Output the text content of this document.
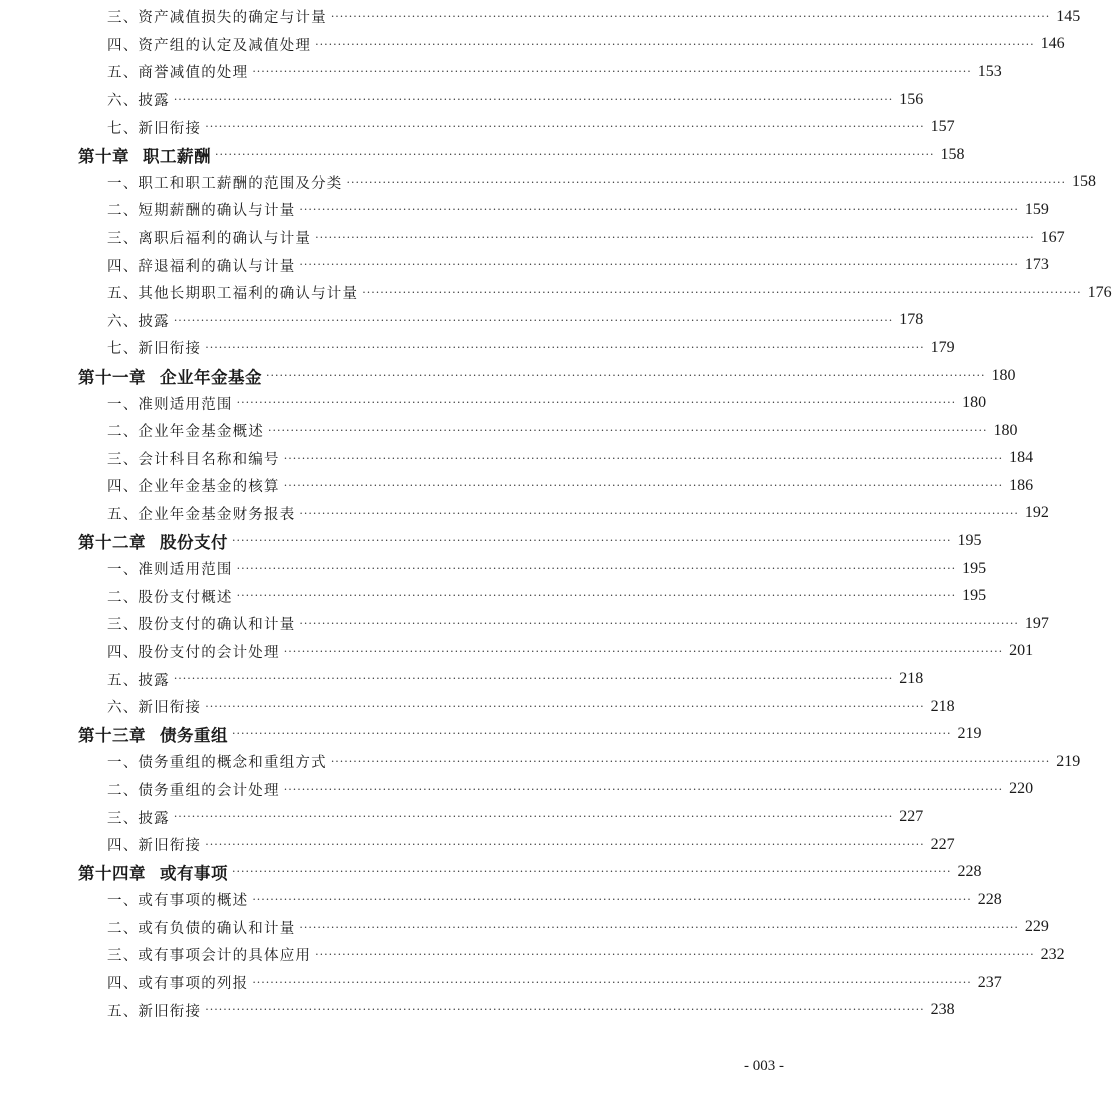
三、资产减值损失的确定与计量 ································································································································································ 145
四、资产组的认定及减值处理 ································································································································································ 146
五、商誉减值的处理 ································································································································································ 153
六、披露 ································································································································································ 156
七、新旧衔接 ································································································································································ 157
第十章 职工薪酬 ································································································································································ 158
一、职工和职工薪酬的范围及分类 ································································································································································ 158
二、短期薪酬的确认与计量 ································································································································································ 159
三、离职后福利的确认与计量 ································································································································································ 167
四、辞退福利的确认与计量 ································································································································································ 173
五、其他长期职工福利的确认与计量 ································································································································································ 176
六、披露 ································································································································································ 178
七、新旧衔接 ································································································································································ 179
第十一章 企业年金基金 ································································································································································ 180
一、准则适用范围 ································································································································································ 180
二、企业年金基金概述 ································································································································································ 180
三、会计科目名称和编号 ································································································································································ 184
四、企业年金基金的核算 ································································································································································ 186
五、企业年金基金财务报表 ································································································································································ 192
第十二章 股份支付 ································································································································································ 195
一、准则适用范围 ································································································································································ 195
二、股份支付概述 ································································································································································ 195
三、股份支付的确认和计量 ································································································································································ 197
四、股份支付的会计处理 ································································································································································ 201
五、披露 ································································································································································ 218
六、新旧衔接 ································································································································································ 218
第十三章 债务重组 ································································································································································ 219
一、债务重组的概念和重组方式 ································································································································································ 219
二、债务重组的会计处理 ································································································································································ 220
三、披露 ································································································································································ 227
四、新旧衔接 ································································································································································ 227
第十四章 或有事项 ································································································································································ 228
一、或有事项的概述 ································································································································································ 228
二、或有负债的确认和计量 ································································································································································ 229
三、或有事项会计的具体应用 ································································································································································ 232
四、或有事项的列报 ································································································································································ 237
五、新旧衔接 ································································································································································ 238
- 003 -
